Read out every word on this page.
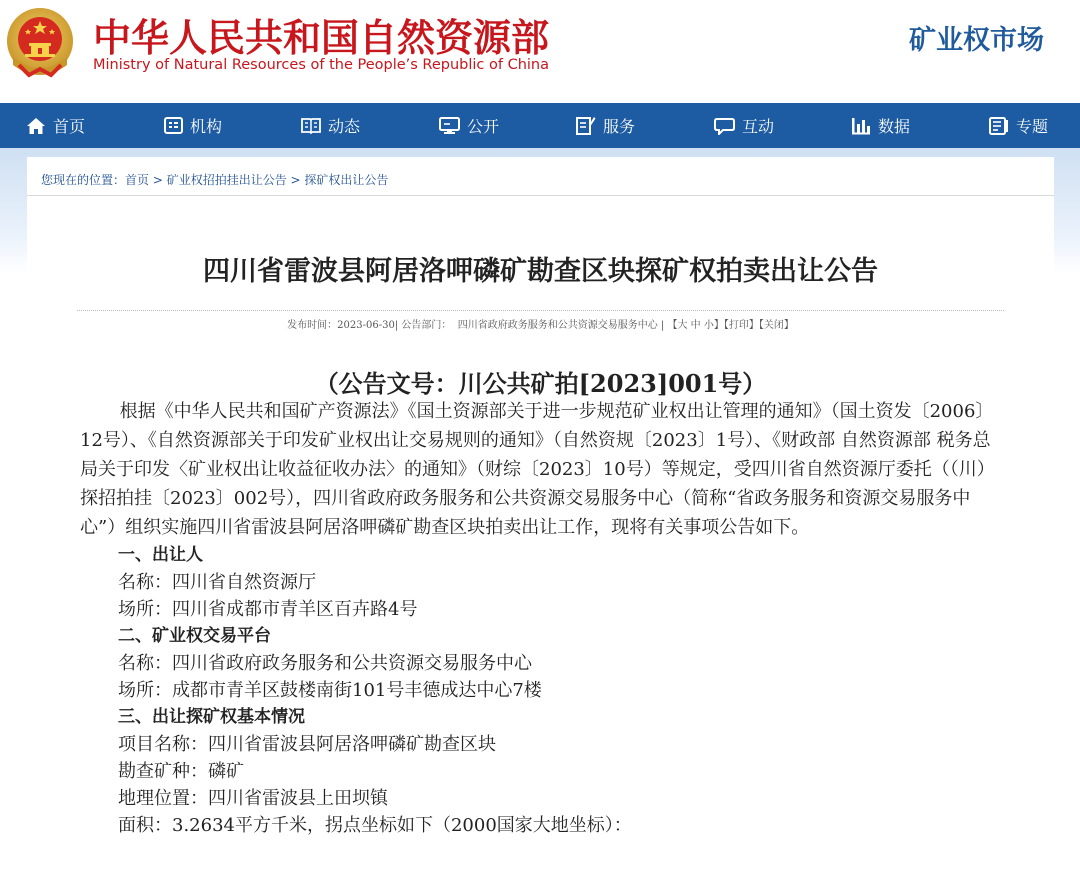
中华人民共和国自然资源部
Ministry of Natural Resources of the People’s Republic of China
矿业权市场
首页	机构	动态	公开	服务	互动	数据	专题
您现在的位置：首页 > 矿业权招拍挂出让公告 > 探矿权出让公告
四川省雷波县阿居洛呷磷矿勘查区块探矿权拍卖出让公告
发布时间：2023-06-30| 公告部门： 四川省政府政务服务和公共资源交易服务中心 | 【大 中 小】【打印】【关闭】
（公告文号：川公共矿拍[2023]001号）

根据《中华人民共和国矿产资源法》《国土资源部关于进一步规范矿业权出让管理的通知》（国土资发〔2006〕12号）、《自然资源部关于印发矿业权出让交易规则的通知》（自然资规〔2023〕1号）、《财政部 自然资源部 税务总局关于印发〈矿业权出让收益征收办法〉的通知》（财综〔2023〕10号）等规定，受四川省自然资源厅委托（（川）探招拍挂〔2023〕002号），四川省政府政务服务和公共资源交易服务中心（简称“省政务服务和资源交易服务中心”）组织实施四川省雷波县阿居洛呷磷矿勘查区块拍卖出让工作，现将有关事项公告如下。

一、出让人

名称：四川省自然资源厅

场所：四川省成都市青羊区百卉路4号

二、矿业权交易平台

名称：四川省政府政务服务和公共资源交易服务中心

场所：成都市青羊区鼓楼南街101号丰德成达中心7楼

三、出让探矿权基本情况

项目名称：四川省雷波县阿居洛呷磷矿勘查区块

勘查矿种：磷矿

地理位置：四川省雷波县上田坝镇

面积：3.2634平方千米，拐点坐标如下（2000国家大地坐标）：
